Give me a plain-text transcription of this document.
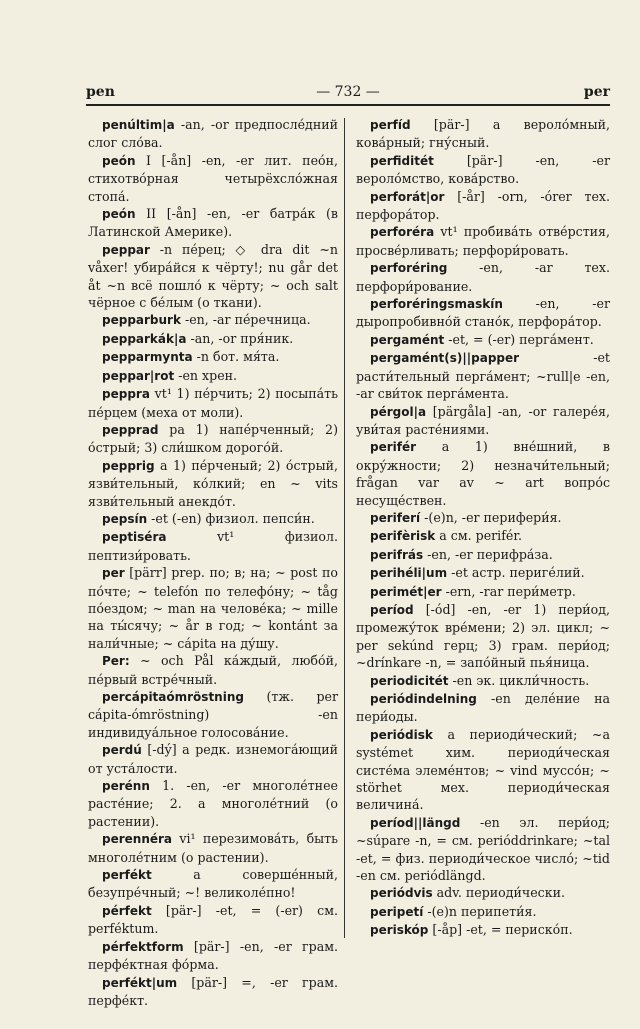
pen	— 732 —	per

penúltim|a -an, -or предпосле́дний слог сло́ва.

peón I [-ån] -en, -er лит. пео́н, стихотво́рная четырёхсло́жная стопа́.

peón II [-ån] -en, -er батра́к (в Латинской Америке).

peppar -n пе́рец; ◇ dra dit ~n våxer! убира́йся к чёрту!; nu går det åt ~n всё пошло́ к чёрту; ~ och salt чёрное с бе́лым (о ткани).

pepparburk -en, -ar пе́речница.

pepparkák|a -an, -or пря́ник.

pepparmynta -n бот. мя́та.

peppar|rot -en хрен.

peppra vt¹ 1) пе́рчить; 2) посыпа́ть пе́рцем (меха от моли).

pepprad pa 1) напе́рченный; 2) о́стрый; 3) сли́шком дорого́й.

pepprig a 1) пе́рченый; 2) о́стрый, язви́тельный, ко́лкий; en ~ vits язви́тельный анекдо́т.

pepsín -et (-en) физиол. пепси́н.

peptiséra vt¹ физиол. пептизи́ровать.

per [pärr] prep. по; в; на; ~ post по по́чте; ~ telefón по телефо́ну; ~ tåg по́ездом; ~ man на челове́ка; ~ mille на ты́сячу; ~ år в год; ~ kontánt за нали́чные; ~ cápita на ду́шу.

Per: ~ och Pål ка́ждый, любо́й, пе́рвый встре́чный.

percápitaómröstning (тж. per cápita-ómröstning) -en индивидуа́льное голосова́ние.

perdú [-dý] a редк. изнемога́ющий от уста́лости.

perénn 1. -en, -er многоле́тнее расте́ние; 2. a многоле́тний (о растении).

perennéra vi¹ перезимова́ть, быть многоле́тним (о растении).

perfékt a соверше́нный, безупре́чный; ~! великоле́пно!

pérfekt [pär-] -et, = (-er) см. perféktum.

pérfektform [pär-] -en, -er грам. перфе́ктная фо́рма.

perfékt|um [pär-] =, -er грам. перфе́кт.

perfíd [pär-] a вероло́мный, кова́рный; гну́сный.

perfiditét [pär-] -en, -er вероло́мство, кова́рство.

perforát|or [-år] -orn, -órer тех. перфора́тор.

perforéra vt¹ пробива́ть отве́рстия, просве́рливать; перфори́ровать.

perforéring -en, -ar тех. перфори́рование.

perforéringsmaskín -en, -er дыропробивно́й стано́к, перфора́тор.

pergamént -et, = (-er) перга́мент.

pergamént(s)||papper -et расти́тельный перга́мент; ~rull|e -en, -ar сви́ток перга́мента.

pérgol|a [pärgåla] -an, -or галере́я, уви́тая расте́ниями.

perifér a 1) вне́шний, в окру́жности; 2) незначи́тельный; frågan var av ~ art вопро́с несуще́ствен.

periferí -(e)n, -er перифери́я.

perifèrisk a см. perifér.

perifrás -en, -er перифра́за.

perihéli|um -et астр. периге́лий.

perimét|er -ern, -rar пери́метр.

períod [-ód] -en, -er 1) пери́од, промежу́ток вре́мени; 2) эл. цикл; ~ per sekúnd герц; 3) грам. пери́од; ~drínkare -n, = запо́йный пья́ница.

periodicitét -en эк. цикли́чность.

periódindelning -en деле́ние на пери́оды.

periódisk a периоди́ческий; ~a systémet хим. периоди́ческая систе́ма элеме́нтов; ~ vind муссо́н; ~ störhet мех. периоди́ческая величина́.

períod||längd -en эл. пери́од; ~súpare -n, = см. perióddrinkare; ~tal -et, = физ. периоди́ческое число́; ~tid -en см. periódlängd.

periódvis adv. периоди́чески.

peripetí -(e)n перипети́я.

periskóp [-åp] -et, = периско́п.
